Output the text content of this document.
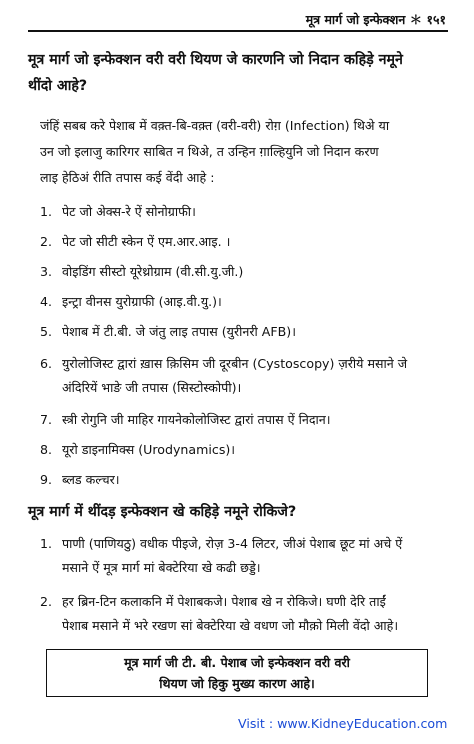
मूत्र मार्ग जो इन्फेक्शन ＊ १५१
मूत्र मार्ग जो इन्फेक्शन वरी वरी थियण जे कारणनि जो निदान कहिड़े नमूने
थींदो आहे?
जंहिं सबब करे पेशाब में वक़्त-बि-वक़्त (वरी-वरी) रोग़ (Infection) थिअे या
उन जो इलाजु कारिगर साबित न थिअे, त उन्हिन ग़ाल्हियुनि जो निदान करण
लाइ हेठिअं रीति तपास कई वेंदी आहे :
1. पेट जो अेक्स-रे ऐं सोनोग्राफी।
2. पेट जो सीटी स्केन ऐं एम.आर.आइ. ।
3. वोइडिंग सीस्टो यूरेथ्रोग्राम (वी.सी.यु.जी.)
4. इन्ट्रा वीनस युरोग्राफी (आइ.वी.यु.)।
5. पेशाब में टी.बी. जे जंतु लाइ तपास (युरीनरी AFB)।
6. युरोलोजिस्ट द्वारां ख़ास क़िसिम जी दूरबीन (Cystoscopy) ज़रीये मसाने जे
अंदिरियें भाङे जी तपास (सिस्टोस्कोपी)।
7. स्त्री रोगुनि जी माहिर गायनेकोलोजिस्ट द्वारां तपास ऐं निदान।
8. यूरो डाइनामिक्स (Urodynamics)।
9. ब्लड कल्चर।
मूत्र मार्ग में थींदड़ इन्फेक्शन खे कहिड़े नमूने रोकिजे?
1. पाणी (पाणियठु) वधीक पीइजे, रोज़ 3-4 लिटर, जीअं पेशाब छूट मां अचे ऐं
मसाने ऐं मूत्र मार्ग मां बेक्टेरिया खे कढी छड्डे।
2. हर ब्रिन-टिन कलाकनि में पेशाबकजे। पेशाब खे न रोकिजे। घणी देरि ताईं
पेशाब मसाने में भरे रखण सां बेक्टेरिया खे वधण जो मौक़ो मिली वेंदो आहे।
मूत्र मार्ग जी टी. बी. पेशाब जो इन्फेक्शन वरी वरी
थियण जो हिकु मुख्य कारण आहे।
Visit : www.KidneyEducation.com
